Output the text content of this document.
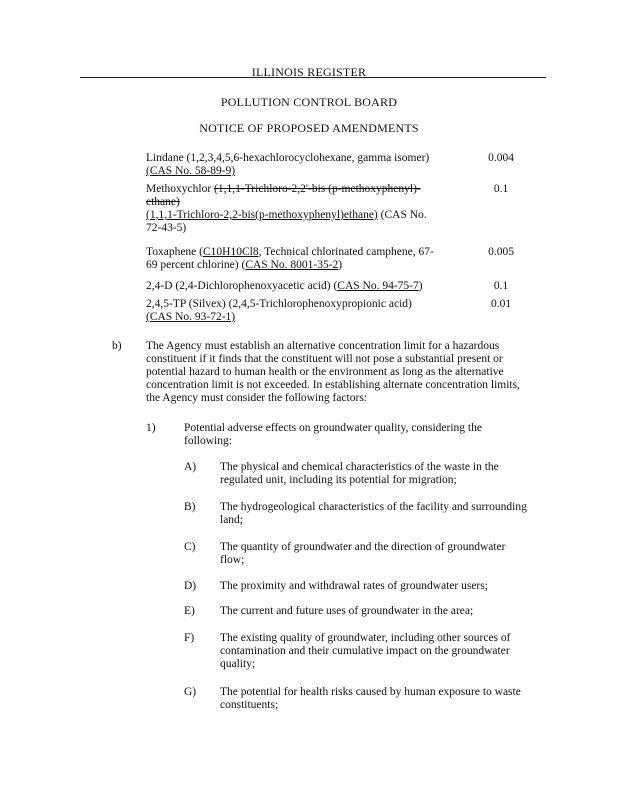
ILLINOIS REGISTER
POLLUTION CONTROL BOARD
NOTICE OF PROPOSED AMENDMENTS
Lindane (1,2,3,4,5,6-hexachlorocyclohexane, gamma isomer)
(CAS No. 58-89-9)
0.004
Methoxychlor (1,1,1-Trichloro-2,2'-bis (p-methoxyphenyl)-
ethane)
(1,1,1-Trichloro-2,2-bis(p-methoxyphenyl)ethane) (CAS No.
72-43-5)
0.1
Toxaphene (C10H10Cl8, Technical chlorinated camphene, 67-
69 percent chlorine) (CAS No. 8001-35-2)
0.005
2,4-D (2,4-Dichlorophenoxyacetic acid) (CAS No. 94-75-7)	0.1
2,4,5-TP (Silvex) (2,4,5-Trichlorophenoxypropionic acid)
(CAS No. 93-72-1)
0.01
b) The Agency must establish an alternative concentration limit for a hazardous
constituent if it finds that the constituent will not pose a substantial present or
potential hazard to human health or the environment as long as the alternative
concentration limit is not exceeded. In establishing alternate concentration limits,
the Agency must consider the following factors:
1) Potential adverse effects on groundwater quality, considering the
following:
A) The physical and chemical characteristics of the waste in the
regulated unit, including its potential for migration;
B) The hydrogeological characteristics of the facility and surrounding
land;
C) The quantity of groundwater and the direction of groundwater
flow;
D) The proximity and withdrawal rates of groundwater users;
E) The current and future uses of groundwater in the area;
F) The existing quality of groundwater, including other sources of
contamination and their cumulative impact on the groundwater
quality;
G) The potential for health risks caused by human exposure to waste
constituents;
